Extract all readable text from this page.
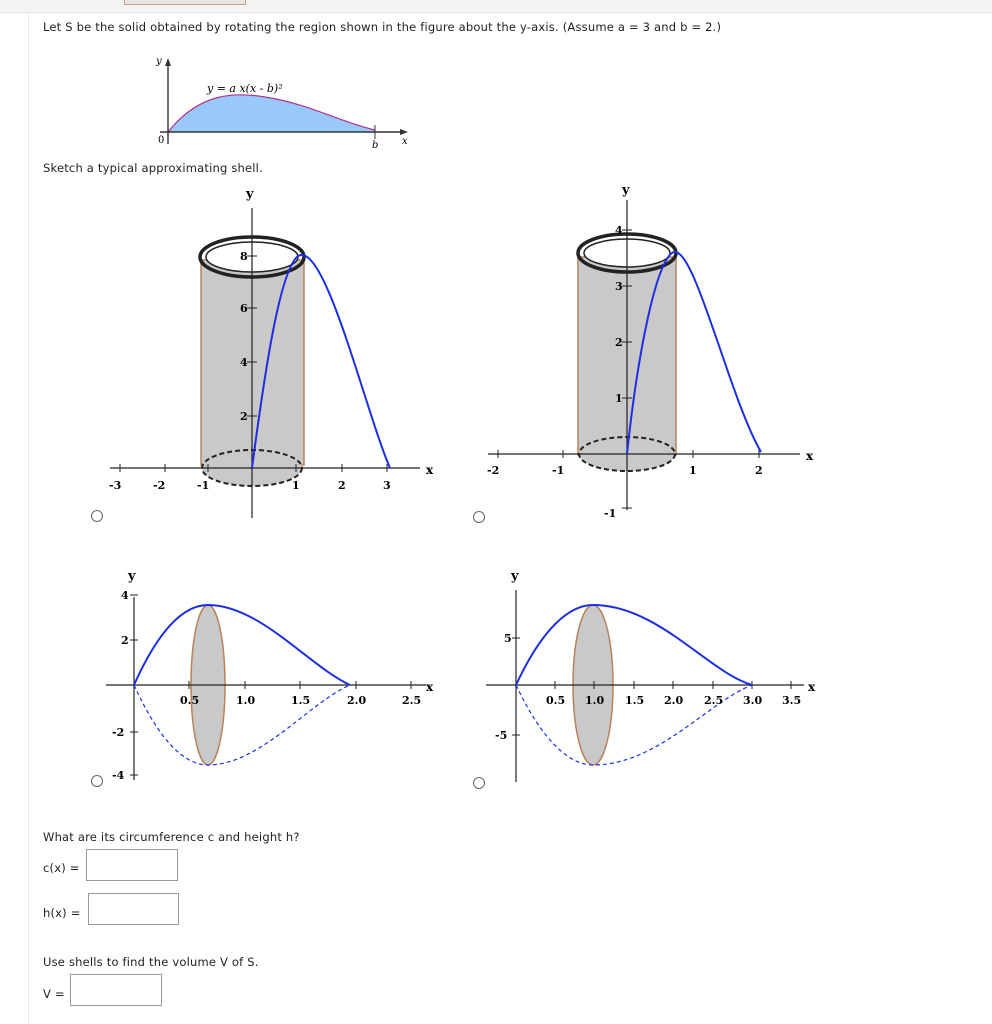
Let S be the solid obtained by rotating the region shown in the figure about the y-axis. (Assume a = 3 and b = 2.)
y
0	b x
y = a x(x - b)²
Sketch a typical approximating shell.
y
x
-3	-2	-1	1	2	3
2
4
6
8
y
x
-2	-1	1	2
-1
1
2
3
4
y
x
0.5	1.0	1.5	2.0	2.5
4
2
-2
-4
y
x
0.5 1.0 1.5 2.0 2.5 3.0 3.5
5
-5
What are its circumference c and height h?
c(x) =
h(x) =
Use shells to find the volume V of S.
V =
